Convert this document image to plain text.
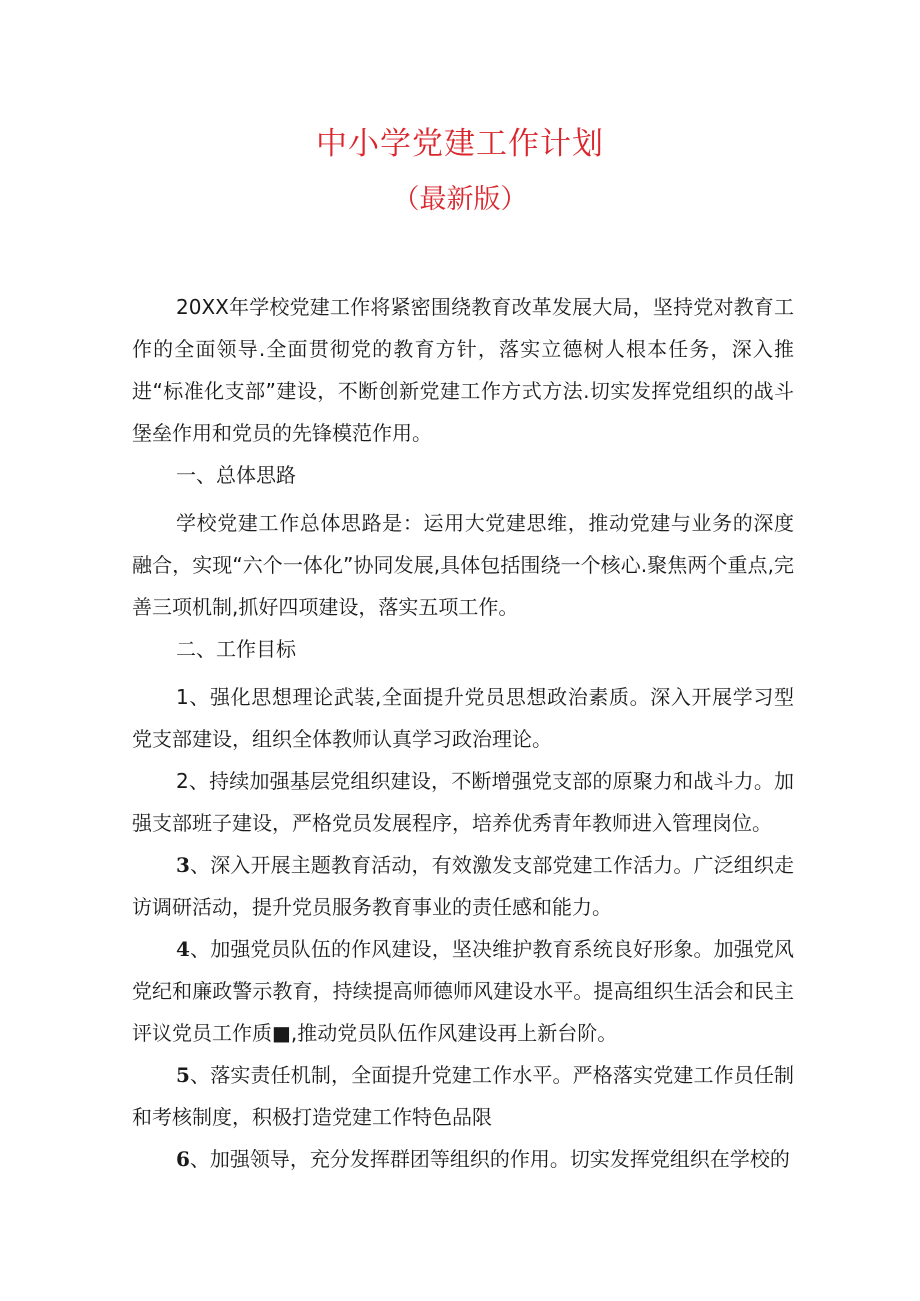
中小学党建工作计划
（最新版）

20XX年学校党建工作将紧密围绕教育改革发展大局，坚持党对教育工作的全面领导.全面贯彻党的教育方针，落实立德树人根本任务，深入推进“标准化支部”建设，不断创新党建工作方式方法.切实发挥党组织的战斗堡垒作用和党员的先锋模范作用。

一、总体思路

学校党建工作总体思路是：运用大党建思维，推动党建与业务的深度融合，实现“六个一体化”协同发展,具体包括围绕一个核心.聚焦两个重点,完善三项机制,抓好四项建设，落实五项工作。

二、工作目标

1、强化思想理论武装,全面提升党员思想政治素质。深入开展学习型党支部建设，组织全体教师认真学习政治理论。

2、持续加强基层党组织建设，不断增强党支部的原聚力和战斗力。加强支部班子建设，严格党员发展程序，培养优秀青年教师进入管理岗位。

3、深入开展主题教育活动，有效激发支部党建工作活力。广泛组织走访调研活动，提升党员服务教育事业的责任感和能力。

4、加强党员队伍的作风建设，坚决维护教育系统良好形象。加强党风党纪和廉政警示教育，持续提高师德师风建设水平。提高组织生活会和民主评议党员工作质■,推动党员队伍作风建设再上新台阶。

5、落实责任机制，全面提升党建工作水平。严格落实党建工作员任制和考核制度，积极打造党建工作特色品限

6、加强领导，充分发挥群团等组织的作用。切实发挥党组织在学校的
